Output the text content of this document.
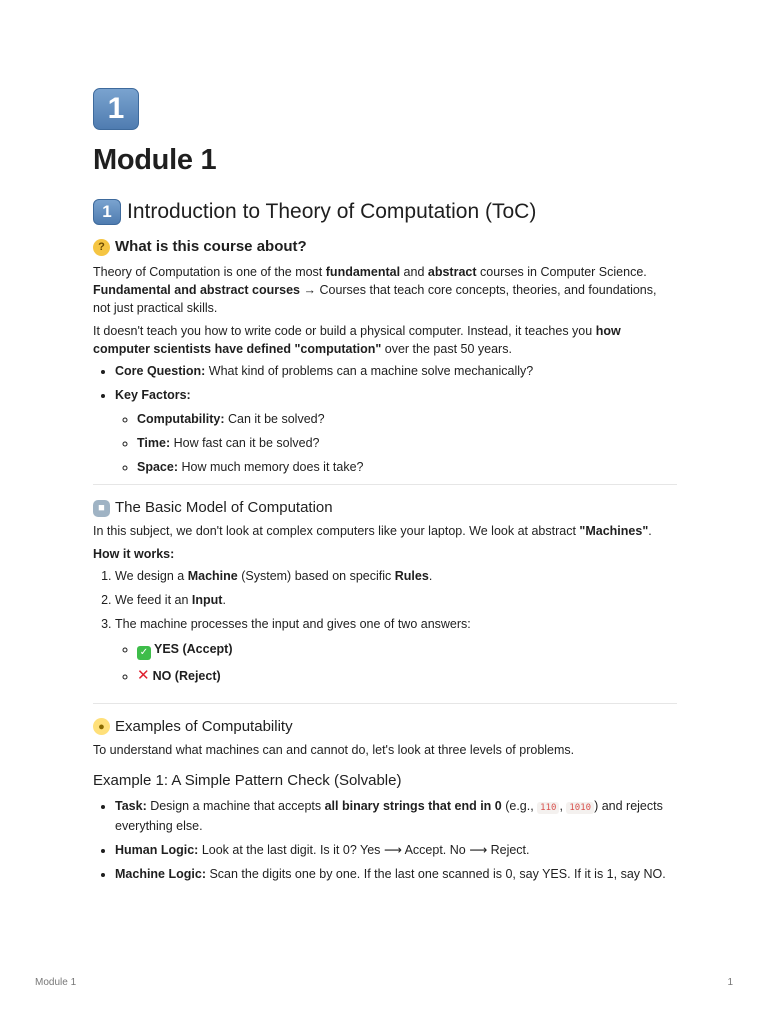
1
Module 1
1 Introduction to Theory of Computation (ToC)
? What is this course about?

Theory of Computation is one of the most fundamental and abstract courses in Computer Science.
Fundamental and abstract courses → Courses that teach core concepts, theories, and foundations, not just practical skills.

It doesn't teach you how to write code or build a physical computer. Instead, it teaches you how computer scientists have defined "computation" over the past 50 years.

• Core Question: What kind of problems can a machine solve mechanically?
• Key Factors:
◦ Computability: Can it be solved?
◦ Time: How fast can it be solved?
◦ Space: How much memory does it take?
■ The Basic Model of Computation

In this subject, we don't look at complex computers like your laptop. We look at abstract "Machines".

How it works:

1. We design a Machine (System) based on specific Rules.
2. We feed it an Input.
3. The machine processes the input and gives one of two answers:
◦ ✓ YES (Accept)
◦ ✕ NO (Reject)
● Examples of Computability

To understand what machines can and cannot do, let's look at three levels of problems.

Example 1: A Simple Pattern Check (Solvable)
• Task: Design a machine that accepts all binary strings that end in 0 (e.g., 110 , 1010 ) and rejects everything else.
• Human Logic: Look at the last digit. Is it 0? Yes ⟶ Accept. No ⟶ Reject.
• Machine Logic: Scan the digits one by one. If the last one scanned is 0, say YES. If it is 1, say NO.
Module 1	1
